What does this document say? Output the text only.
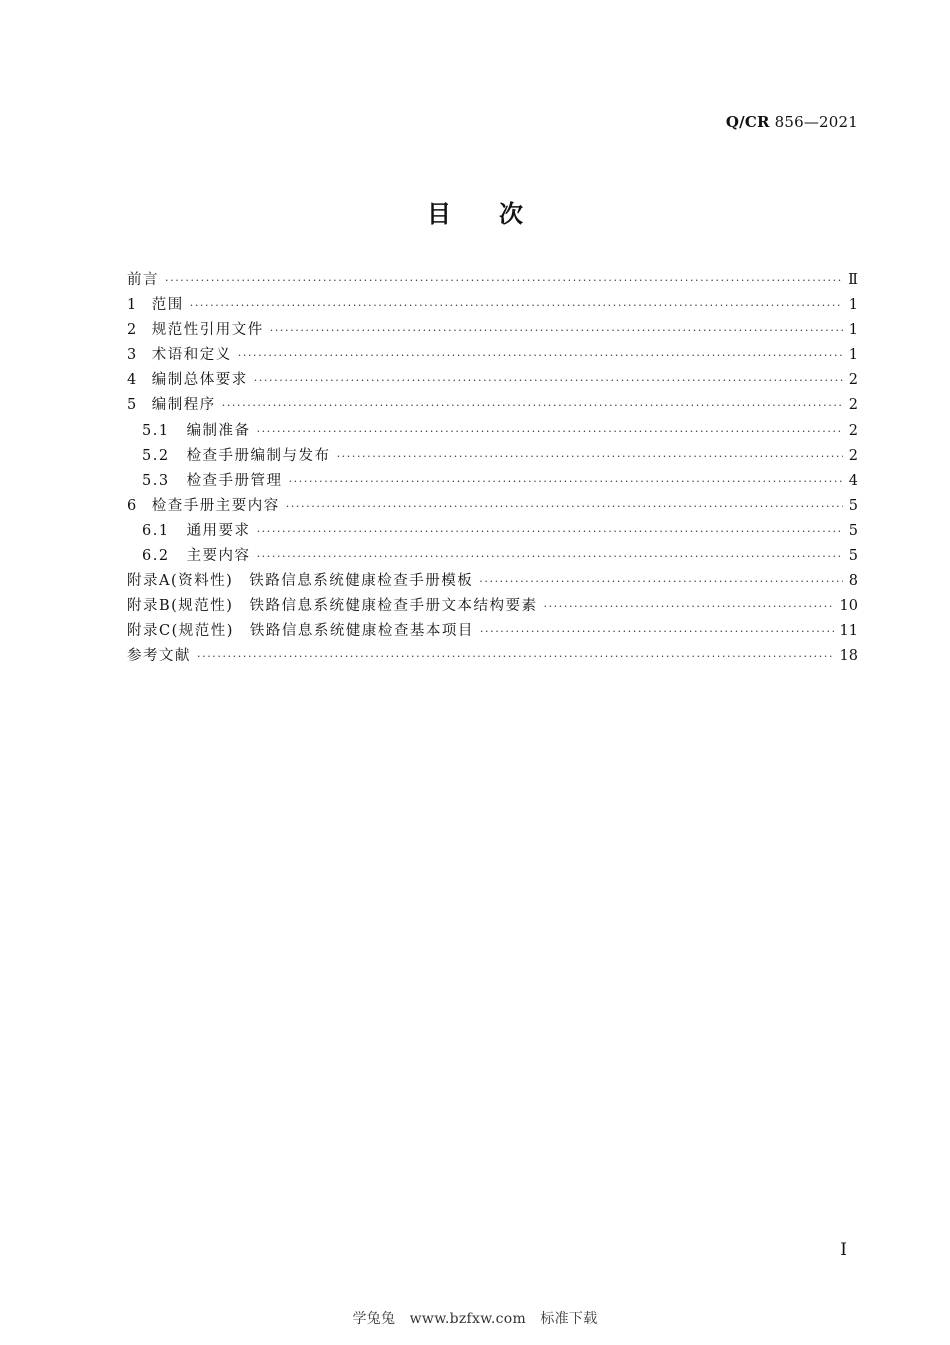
Q/CR 856—2021
目次
前言 ·····	Ⅱ
1 范围 ·····	1
2 规范性引用文件 ·····	1
3 术语和定义 ·····	1
4 编制总体要求 ·····	2
5 编制程序 ·····	2
5.1 编制准备 ·····	2
5.2 检查手册编制与发布 ·····	2
5.3 检查手册管理 ·····	4
6 检查手册主要内容 ·····	5
6.1 通用要求 ·····	5
6.2 主要内容 ·····	5
附录A(资料性)　铁路信息系统健康检查手册模板 ·····	8
附录B(规范性)　铁路信息系统健康检查手册文本结构要素 ·····	10
附录C(规范性)　铁路信息系统健康检查基本项目 ·····	11
参考文献 ·····	18
I
学兔兔　www.bzfxw.com　标准下载
